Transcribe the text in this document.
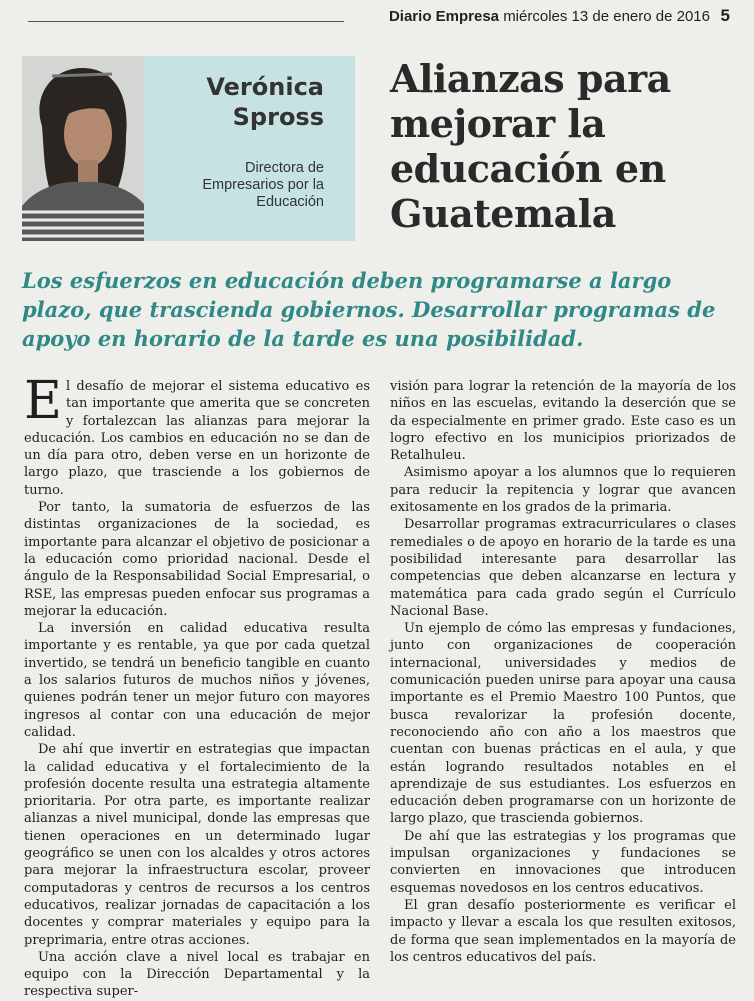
Diario Empresa miércoles 13 de enero de 2016 5
Verónica
Spross
Directora de Empresarios por la Educación
Alianzas para mejorar la educación en Guatemala
Los esfuerzos en educación deben programarse a largo plazo, que trascienda gobiernos. Desarrollar programas de apoyo en horario de la tarde es una posibilidad.

El desafío de mejorar el sistema educativo es tan importante que amerita que se concreten y fortalezcan las alianzas para mejorar la educación. Los cambios en educación no se dan de un día para otro, deben verse en un horizonte de largo plazo, que trasciende a los gobiernos de turno.

Por tanto, la sumatoria de esfuerzos de las distintas organizaciones de la sociedad, es importante para alcanzar el objetivo de posicionar a la educación como prioridad nacional. Desde el ángulo de la Responsabilidad Social Empresarial, o RSE, las empresas pueden enfocar sus programas a mejorar la educación.

La inversión en calidad educativa resulta importante y es rentable, ya que por cada quetzal invertido, se tendrá un beneficio tangible en cuanto a los salarios futuros de muchos niños y jóvenes, quienes podrán tener un mejor futuro con mayores ingresos al contar con una educación de mejor calidad.

De ahí que invertir en estrategias que impactan la calidad educativa y el fortalecimiento de la profesión docente resulta una estrategia altamente prioritaria. Por otra parte, es importante realizar alianzas a nivel municipal, donde las empresas que tienen operaciones en un determinado lugar geográfico se unen con los alcaldes y otros actores para mejorar la infraestructura escolar, proveer computadoras y centros de recursos a los centros educativos, realizar jornadas de capacitación a los docentes y comprar materiales y equipo para la preprimaria, entre otras acciones.

Una acción clave a nivel local es trabajar en equipo con la Dirección Departamental y la respectiva super-

visión para lograr la retención de la mayoría de los niños en las escuelas, evitando la deserción que se da especialmente en primer grado. Este caso es un logro efectivo en los municipios priorizados de Retalhuleu.

Asimismo apoyar a los alumnos que lo requieren para reducir la repitencia y lograr que avancen exitosamente en los grados de la primaria.

Desarrollar programas extracurriculares o clases remediales o de apoyo en horario de la tarde es una posibilidad interesante para desarrollar las competencias que deben alcanzarse en lectura y matemática para cada grado según el Currículo Nacional Base.

Un ejemplo de cómo las empresas y fundaciones, junto con organizaciones de cooperación internacional, universidades y medios de comunicación pueden unirse para apoyar una causa importante es el Premio Maestro 100 Puntos, que busca revalorizar la profesión docente, reconociendo año con año a los maestros que cuentan con buenas prácticas en el aula, y que están logrando resultados notables en el aprendizaje de sus estudiantes. Los esfuerzos en educación deben programarse con un horizonte de largo plazo, que trascienda gobiernos.

De ahí que las estrategias y los programas que impulsan organizaciones y fundaciones se convierten en innovaciones que introducen esquemas novedosos en los centros educativos.

El gran desafío posteriormente es verificar el impacto y llevar a escala los que resulten exitosos, de forma que sean implementados en la mayoría de los centros educativos del país.
